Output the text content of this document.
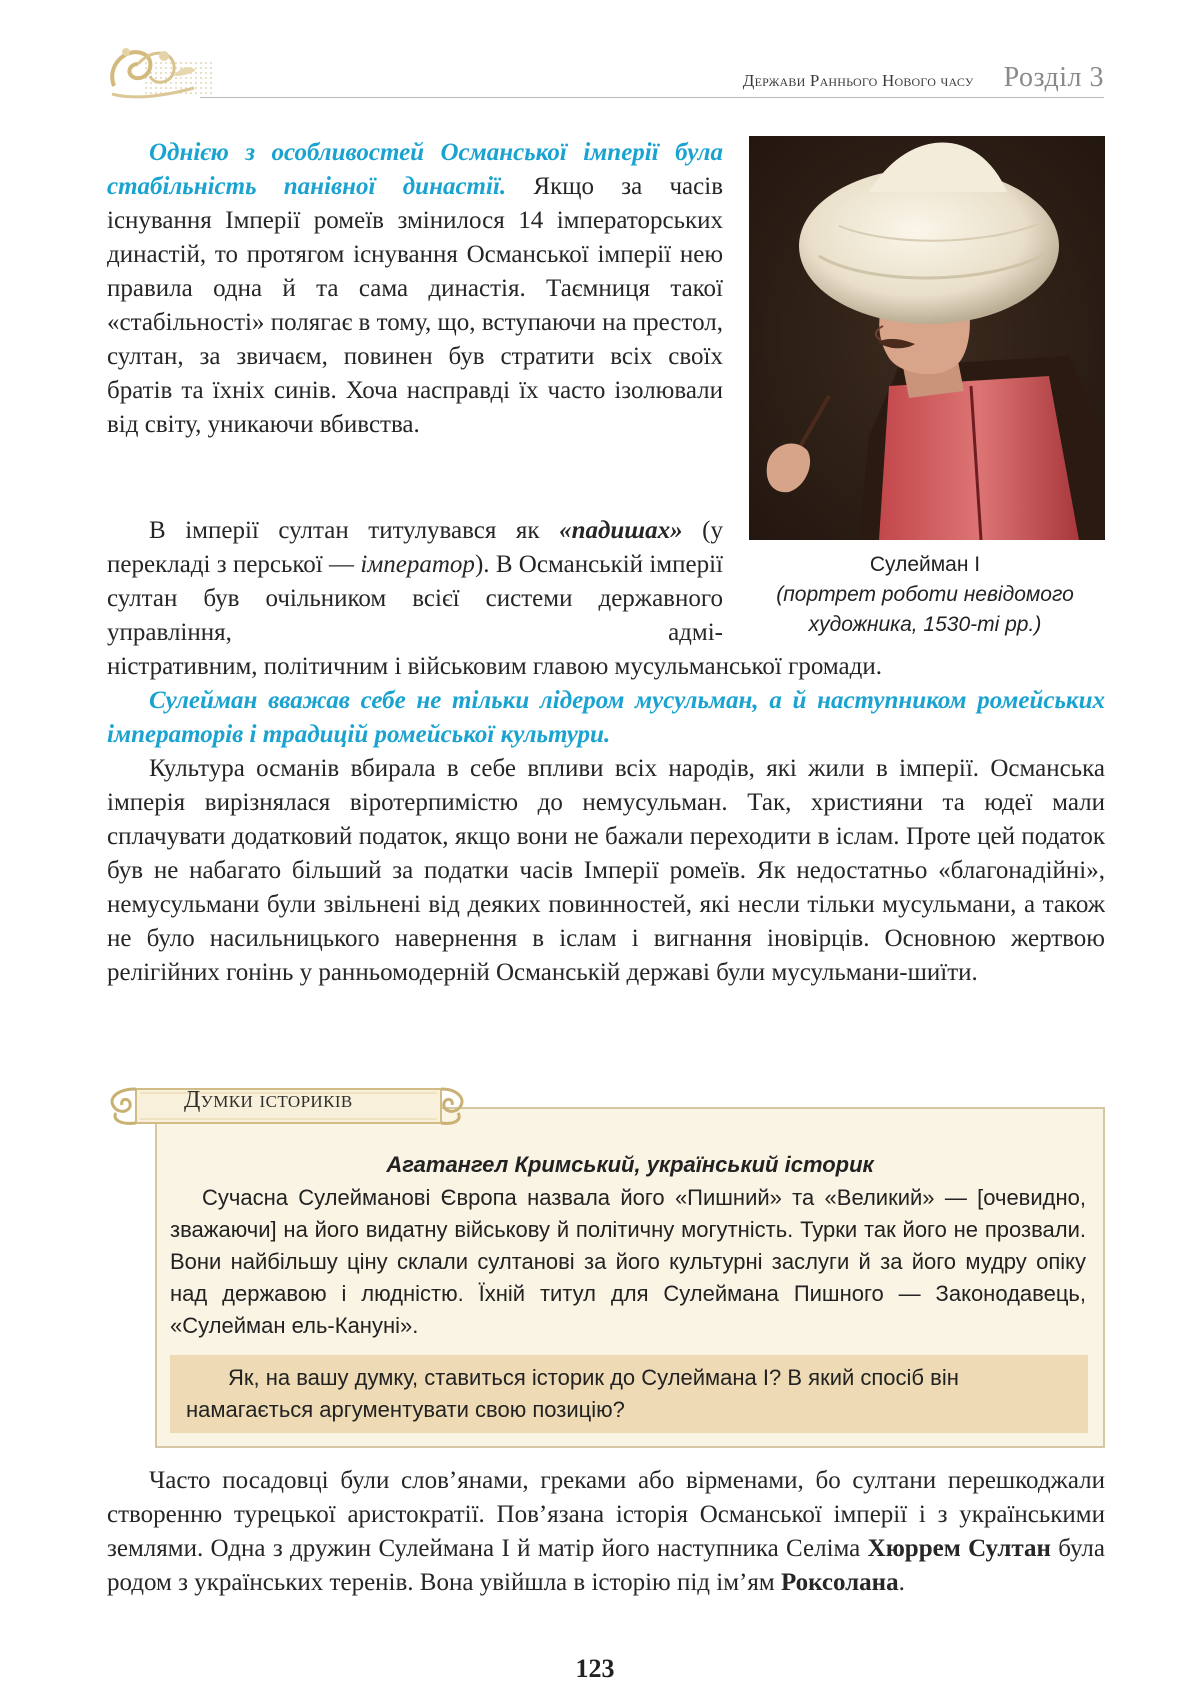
Держави Раннього Нового часу Розділ 3
Сулейман I
(портрет роботи невідомого художника, 1530-ті рр.)

Однією з особливостей Османської імперії була стабільність панівної династії. Якщо за часів існування Імперії ромеїв змінилося 14 імператорських династій, то протягом існування Османської імперії нею правила одна й та сама династія. Таємниця такої «стабільності» полягає в тому, що, вступаючи на престол, султан, за звичаєм, повинен був стратити всіх своїх братів та їхніх синів. Хоча насправді їх часто ізолювали від світу, уникаючи вбивства.

В імперії султан титулувався як «падишах» (у перекладі з перської — імператор). В Османській імперії султан був очільником всієї системи державного управління, адмі-

ністративним, політичним і військовим главою мусульманської громади.

Сулейман вважав себе не тільки лідером мусульман, а й наступником ромейських імператорів і традицій ромейської культури.

Культура османів вбирала в себе впливи всіх народів, які жили в імперії. Османська імперія вирізнялася віротерпимістю до немусульман. Так, християни та юдеї мали сплачувати додатковий податок, якщо вони не бажали переходити в іслам. Проте цей податок був не набагато більший за податки часів Імперії ромеїв. Як недостатньо «благонадійні», немусульмани були звільнені від деяких повинностей, які несли тільки мусульмани, а також не було насильницького навернення в іслам і вигнання іновірців. Основною жертвою релігійних гонінь у ранньомодерній Османській державі були мусульмани-шиїти.

Агатангел Кримський, український історик

Сучасна Сулеймановi Європа назвала його «Пишний» та «Великий» — [очевидно, зважаючи] на його видатну військову й політичну могутність. Турки так його не прозвали. Вони найбільшу ціну склали султанові за його культурні заслуги й за його мудру опіку над державою і людністю. Їхній титул для Сулеймана Пишного — Законодавець, «Сулейман ель-Кануні».

Як, на вашу думку, ставиться історик до Сулеймана I? В який спосіб він намагається аргументувати свою позицію?
Думки істориків

Часто посадовці були слов’янами, греками або вірменами, бо султани перешкоджали створенню турецької аристократії. Пов’язана історія Османської імперії і з українськими землями. Одна з дружин Сулеймана I й матір його наступника Селіма Хюррем Султан була родом з українських теренів. Вона увійшла в історію під ім’ям Роксолана.

123
